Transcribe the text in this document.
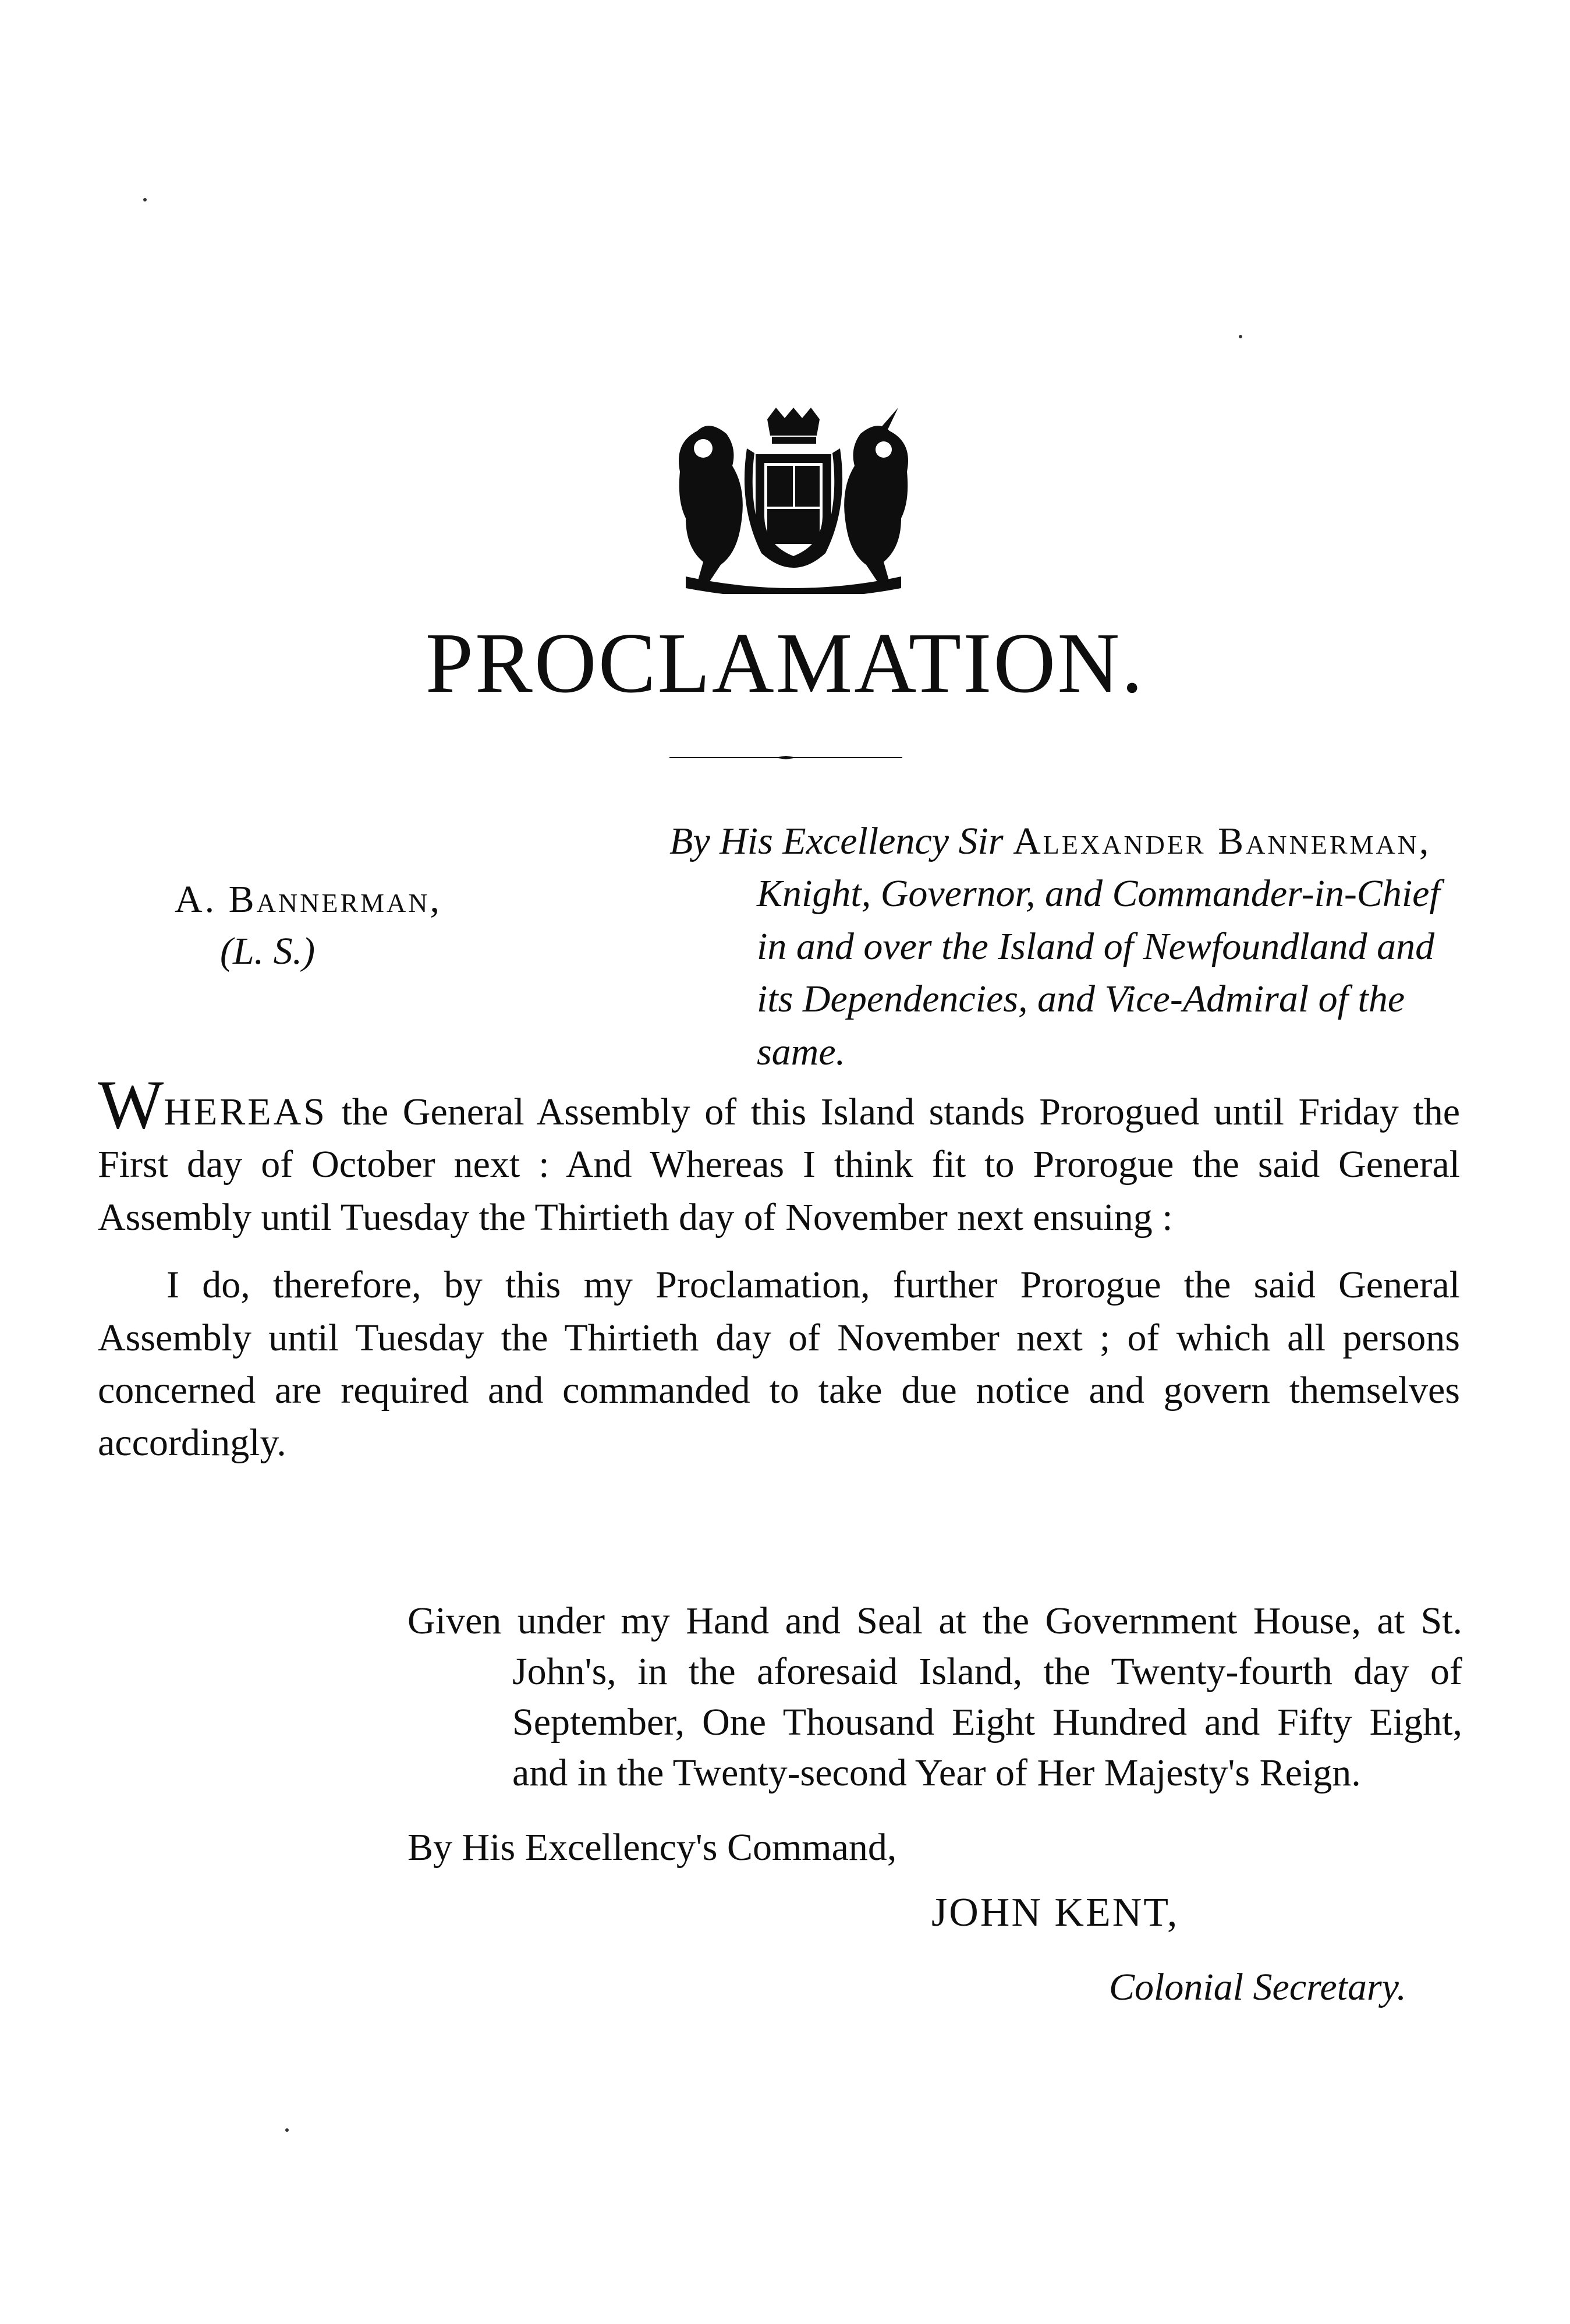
PROCLAMATION.
A. Bannerman,
(L. S.)

By His Excellency Sir Alexander Bannerman, Knight, Governor, and Commander-in-Chief in and over the Island of Newfoundland and its Dependencies, and Vice-Admiral of the same.

WHEREAS the General Assembly of this Island stands Prorogued until Friday the First day of October next : And Whereas I think fit to Prorogue the said General Assembly until Tuesday the Thirtieth day of November next ensuing :

I do, therefore, by this my Proclamation, further Prorogue the said General Assembly until Tuesday the Thirtieth day of November next ; of which all persons concerned are required and commanded to take due notice and govern themselves accordingly.

Given under my Hand and Seal at the Government House, at St. John's, in the aforesaid Island, the Twenty-fourth day of September, One Thousand Eight Hundred and Fifty Eight, and in the Twenty-second Year of Her Majesty's Reign.
By His Excellency's Command,
JOHN KENT,
Colonial Secretary.
